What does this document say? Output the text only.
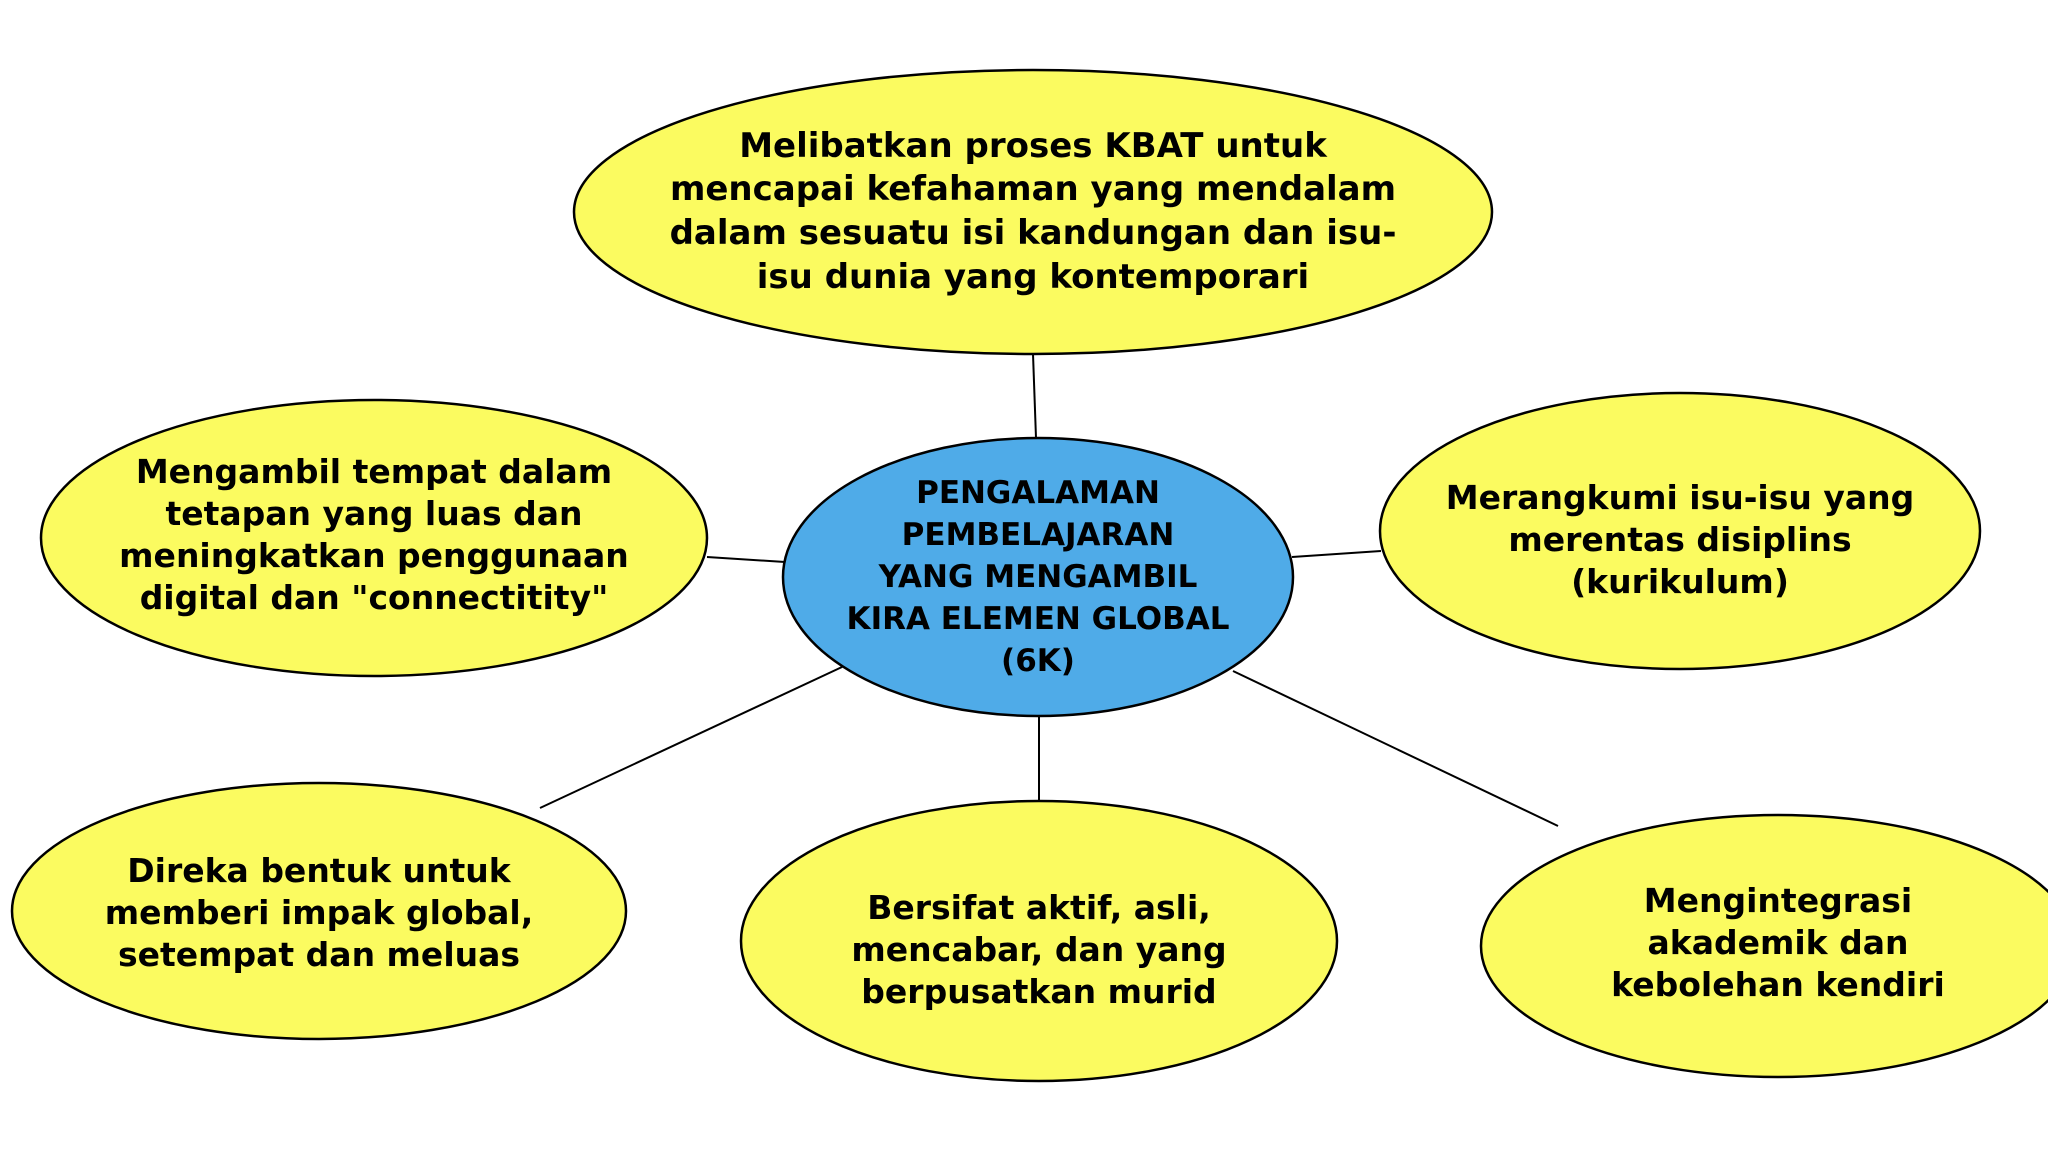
Melibatkan proses KBAT untuk
mencapai kefahaman yang mendalam
dalam sesuatu isi kandungan dan isu-
isu dunia yang kontemporari
Mengambil tempat dalam
tetapan yang luas dan
meningkatkan penggunaan
digital dan "connectitity"
Merangkumi isu-isu yang
merentas disiplins
(kurikulum)
Direka bentuk untuk
memberi impak global,
setempat dan meluas
Bersifat aktif, asli,
mencabar, dan yang
berpusatkan murid
Mengintegrasi
akademik dan
kebolehan kendiri
PENGALAMAN
PEMBELAJARAN
YANG MENGAMBIL
KIRA ELEMEN GLOBAL
(6K)
